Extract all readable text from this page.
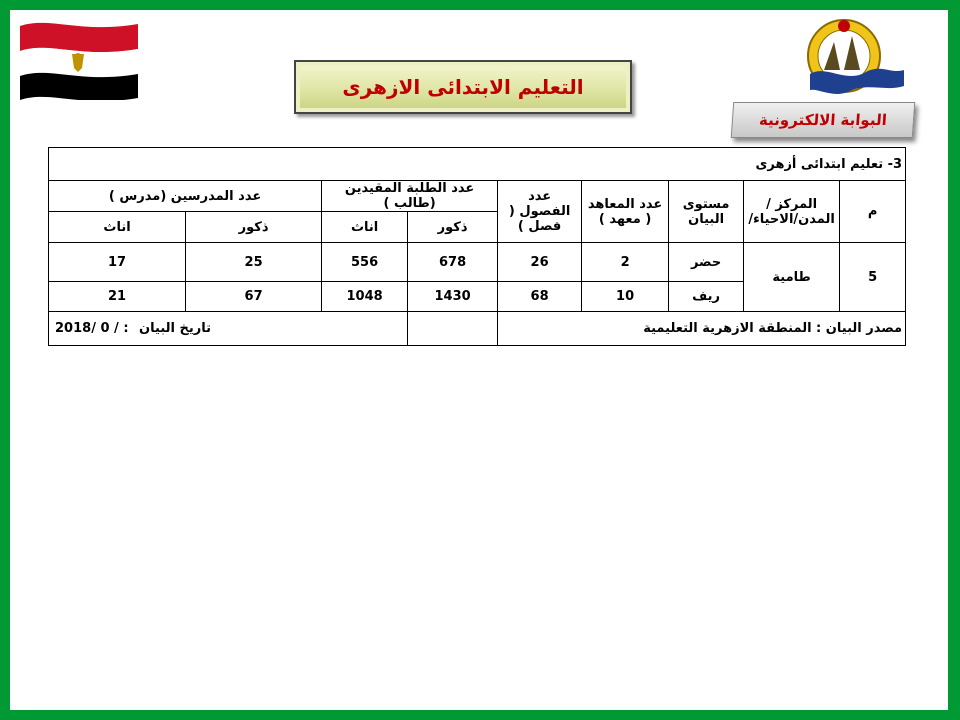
التعليم الابتدائى الازهرى
البوابة الالكترونية
3- تعليم ابتدائى أزهرى								
م	المركز /المدن/الاحياء/	مستوى البيان	عدد المعاهد ( معهد )	عدد الفصول ( فصل )	عدد الطلبة المقيدين (طالب )		عدد المدرسين (مدرس )	
					ذكور	اناث	ذكور	اناث
5	طامية	حضر	2	26	678	556	25	17
		ريف	10	68	1430	1048	67	21
مصدر البيان : المنطقة الازهرية التعليمية						تاريخ البيان : / 0 /2018		
